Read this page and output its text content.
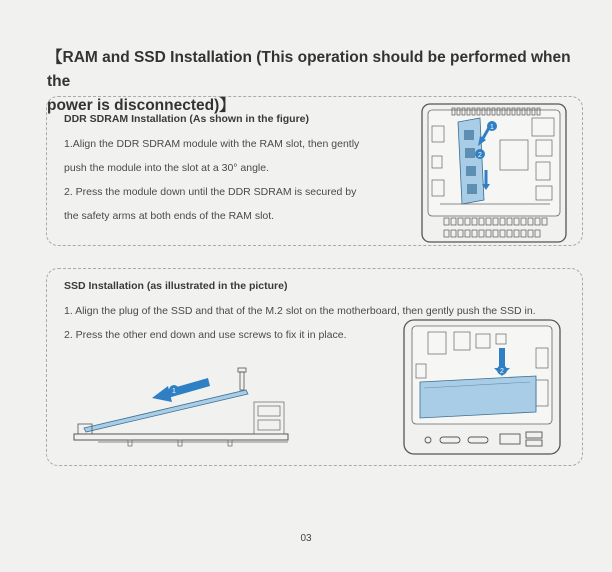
【RAM and SSD Installation (This operation should be performed when the
power is disconnected)】
DDR SDRAM Installation (As shown in the figure)
1.Align the DDR SDRAM module with the RAM slot, then gently
push the module into the slot at a 30° angle.
2. Press the module down until the DDR SDRAM is secured by
the safety arms at both ends of the RAM slot.
1
2
SSD Installation (as illustrated in the picture)
1. Align the plug of the SSD and that of the M.2 slot on the motherboard, then gently push the SSD in.
2. Press the other end down and use screws to fix it in place.
1
2
03
